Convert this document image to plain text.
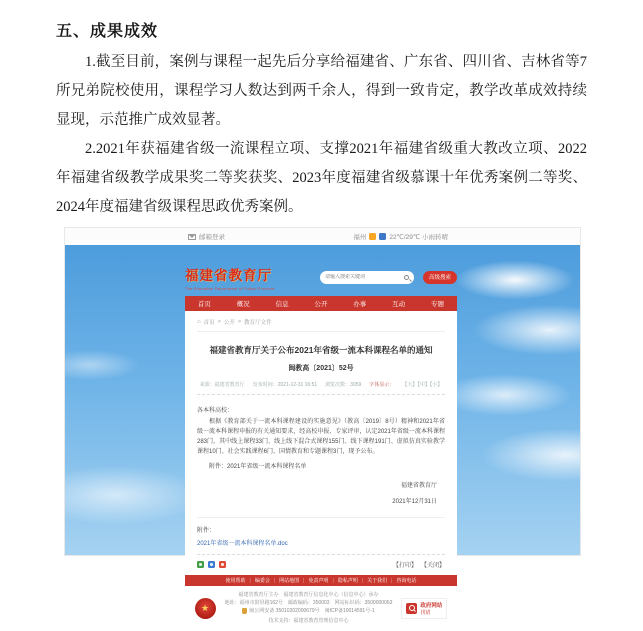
五、成果成效

1.截至目前，案例与课程一起先后分享给福建省、广东省、四川省、吉林省等7所兄弟院校使用，课程学习人数达到两千余人，得到一致肯定，教学改革成效持续显现，示范推广成效显著。

2.2021年获福建省级一流课程立项、支撑2021年福建省级重大教改立项、2022年福建省级教学成果奖二等奖获奖、2023年度福建省级慕课十年优秀案例二等奖、2024年度福建省级课程思政优秀案例。

邮箱登录	福州	22℃/29℃ 小雨转晴
福建省教育厅
The Education Department of Fujian Province
请输入搜索关键词
高级搜索
首页	概况	信息	公开	办事	互动	专题
⌂ 首页 > 公开 > 教育厅文件
福建省教育厅关于公布2021年省级一流本科课程名单的通知
闽教高〔2021〕52号
来源：福建省教育厅 发布时间：2021-12-31 16:51 浏览次数：3059 字体显示： 【大】【中】【小】
各本科高校：
根据《教育部关于一流本科课程建设的实施意见》（教高〔2019〕8号）精神和2021年省级一流本科课程申报的有关通知要求，经高校申报、专家评审，认定2021年省级一流本科课程283门，其中线上课程33门、线上线下混合式课程155门、线下课程191门、虚拟仿真实验教学课程10门、社会实践课程6门、国情教育和专题课程3门，现予公布。
附件：2021年省级一流本科课程名单
福建省教育厅
2021年12月31日
附件：
2021年省级一流本科课程名单.doc
【打印】 【关闭】
使用帮助 |	编委会 |	网站地图 |	免责声明 |	隐私声明 |	关于我们 |	咨询电话
★
福建省教育厅主办　福建省教育厅信息化中心（信息中心）承办
地址：福州市鼓屏路162号　邮政编码：350003　网站标识码：3500000063
闽公网安备 35010202000679号　闽ICP备10014591号-1
技术支持：福建省教育管理信息中心
政府网站
找错
